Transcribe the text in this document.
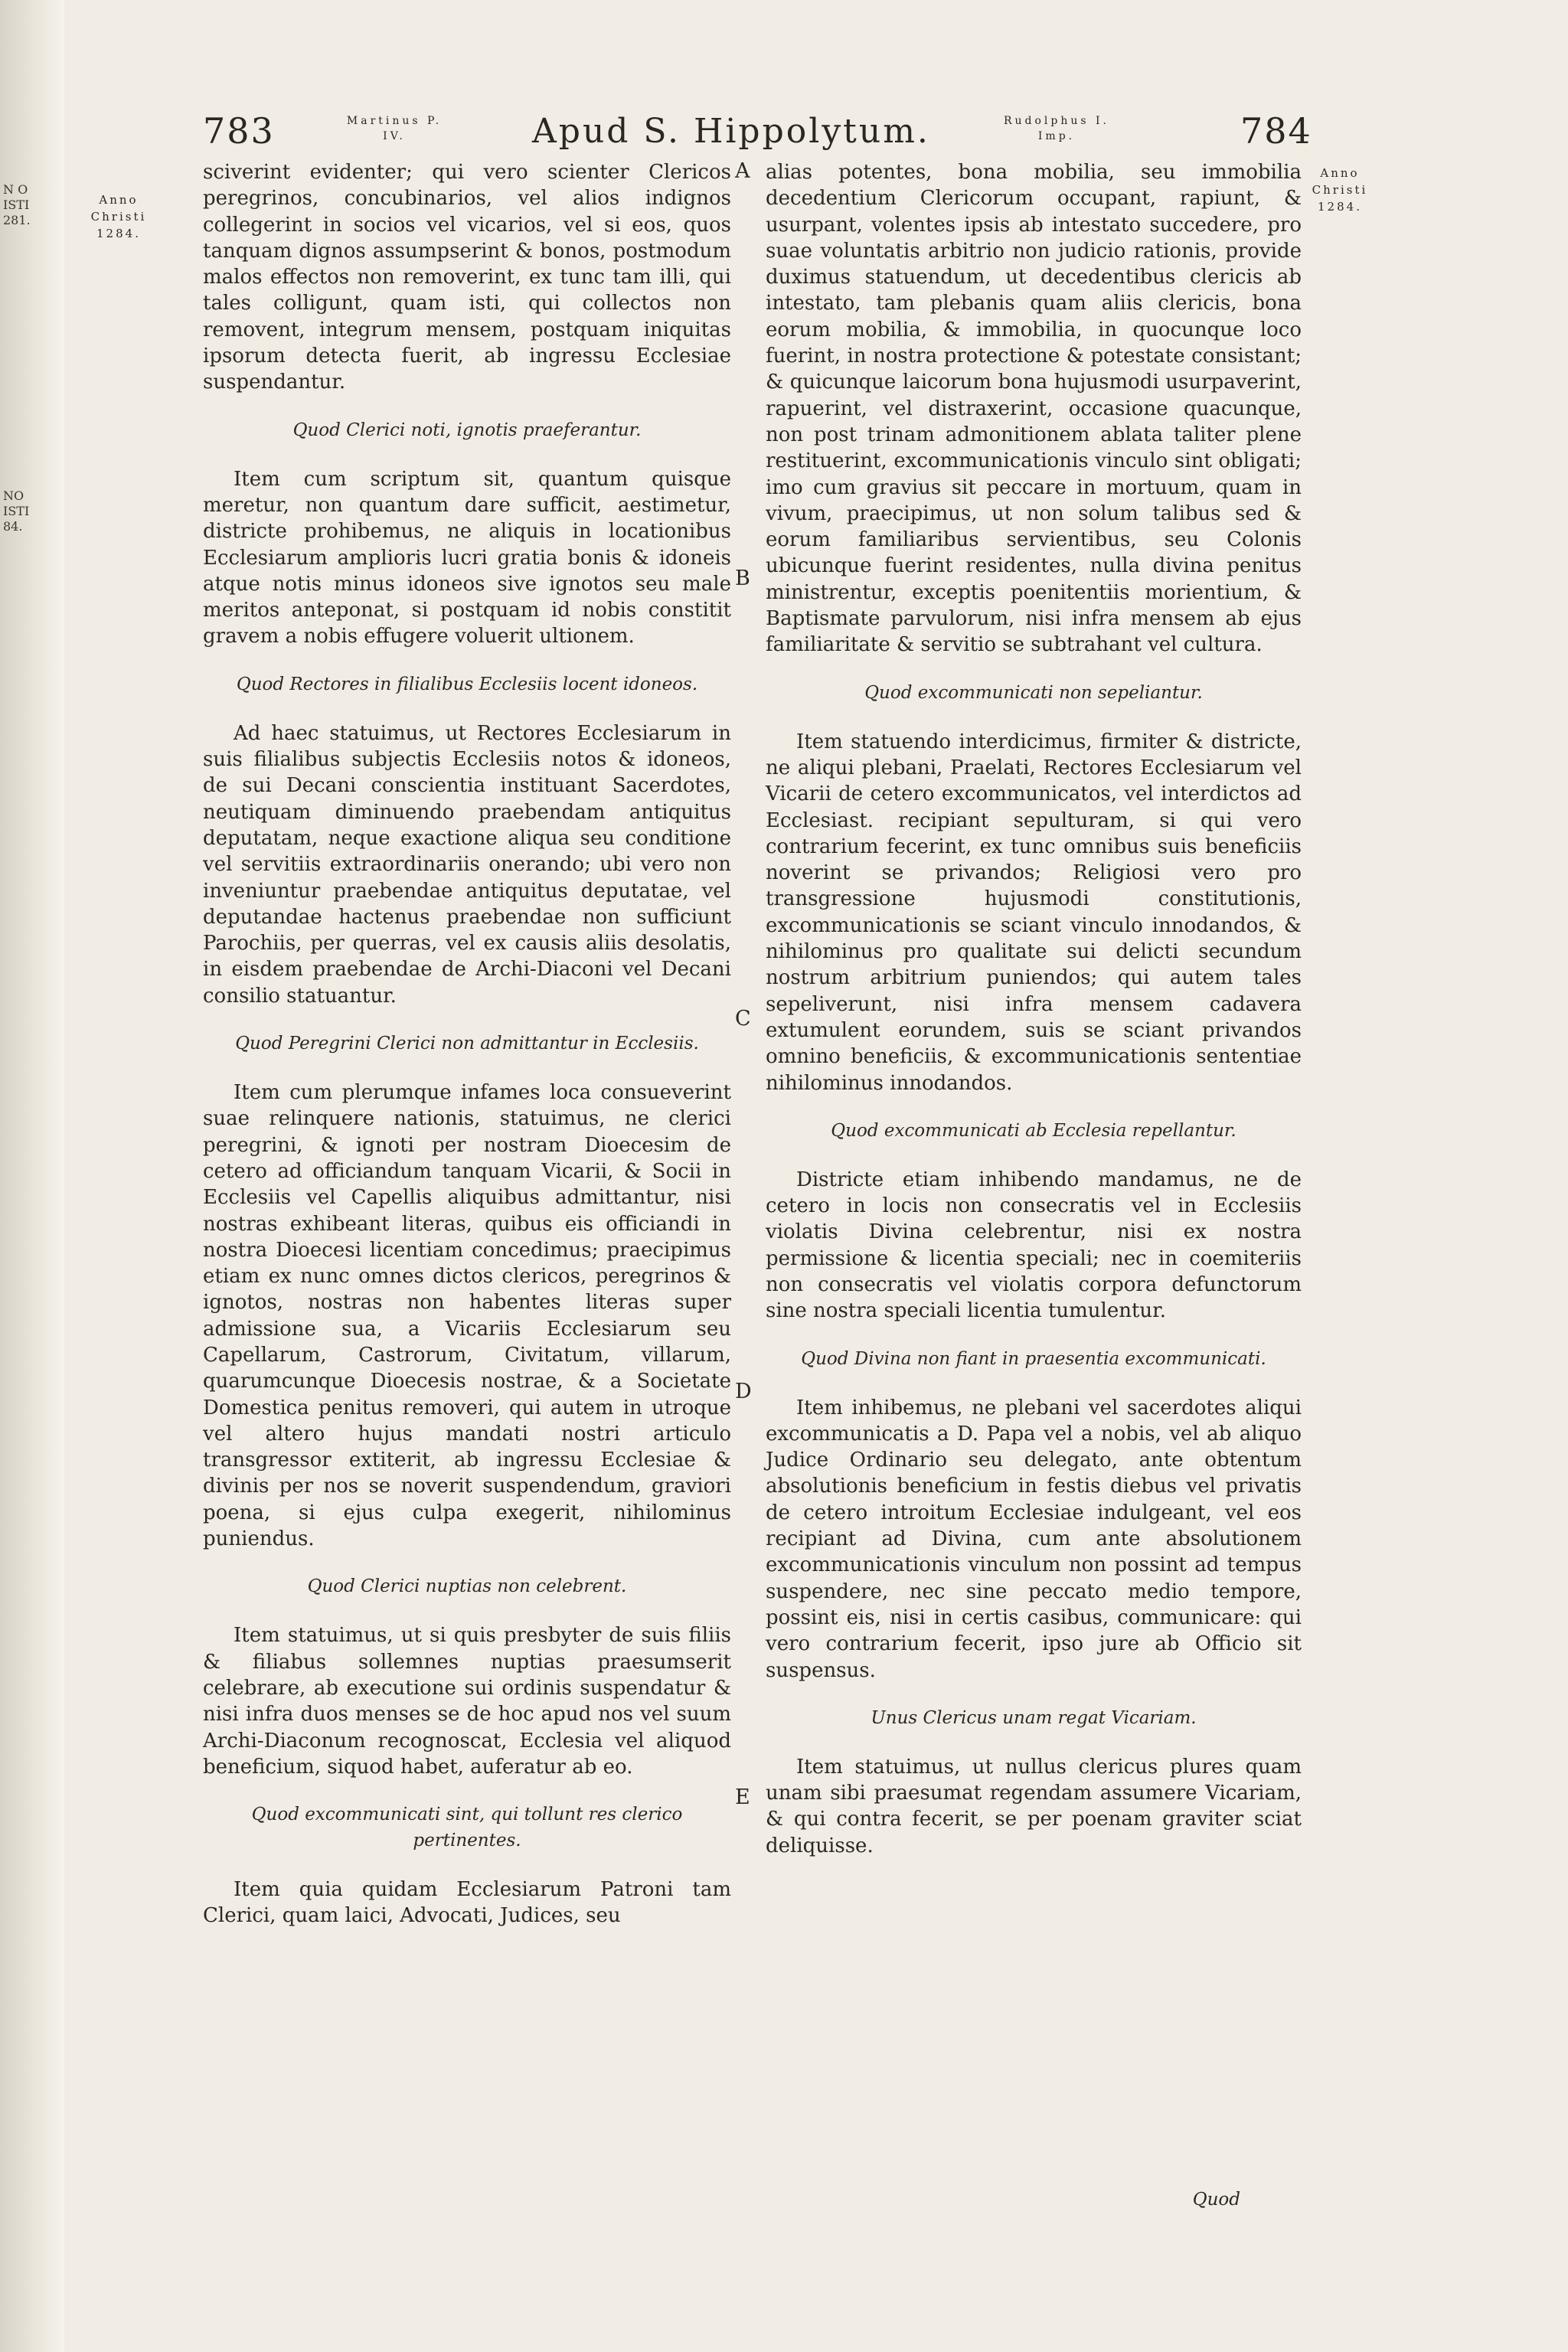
N O
ISTI
281.
NO
ISTI
84.
783	Martinus P. IV.	Apud S. Hippolytum.	Rudolphus I. Imp.	784
Anno Christi 1284.
Anno Christi 1284.
A
B
C
D
E

sciverint evidenter; qui vero scienter Clericos peregrinos, concubinarios, vel alios indignos collegerint in socios vel vicarios, vel si eos, quos tanquam dignos assumpserint & bonos, postmodum malos effectos non removerint, ex tunc tam illi, qui tales colligunt, quam isti, qui collectos non removent, integrum mensem, postquam iniquitas ipsorum detecta fuerit, ab ingressu Ecclesiae suspendantur.

Quod Clerici noti, ignotis praeferantur.

Item cum scriptum sit, quantum quisque meretur, non quantum dare sufficit, aestimetur, districte prohibemus, ne aliquis in locationibus Ecclesiarum amplioris lucri gratia bonis & idoneis atque notis minus idoneos sive ignotos seu male meritos anteponat, si postquam id nobis constitit gravem a nobis effugere voluerit ultionem.

Quod Rectores in filialibus Ecclesiis locent idoneos.

Ad haec statuimus, ut Rectores Ecclesiarum in suis filialibus subjectis Ecclesiis notos & idoneos, de sui Decani conscientia instituant Sacerdotes, neutiquam diminuendo praebendam antiquitus deputatam, neque exactione aliqua seu conditione vel servitiis extraordinariis onerando; ubi vero non inveniuntur praebendae antiquitus deputatae, vel deputandae hactenus praebendae non sufficiunt Parochiis, per querras, vel ex causis aliis desolatis, in eisdem praebendae de Archi-Diaconi vel Decani consilio statuantur.

Quod Peregrini Clerici non admittantur in Ecclesiis.

Item cum plerumque infames loca consueverint suae relinquere nationis, statuimus, ne clerici peregrini, & ignoti per nostram Dioecesim de cetero ad officiandum tanquam Vicarii, & Socii in Ecclesiis vel Capellis aliquibus admittantur, nisi nostras exhibeant literas, quibus eis officiandi in nostra Dioecesi licentiam concedimus; praecipimus etiam ex nunc omnes dictos clericos, peregrinos & ignotos, nostras non habentes literas super admissione sua, a Vicariis Ecclesiarum seu Capellarum, Castrorum, Civitatum, villarum, quarumcunque Dioecesis nostrae, & a Societate Domestica penitus removeri, qui autem in utroque vel altero hujus mandati nostri articulo transgressor extiterit, ab ingressu Ecclesiae & divinis per nos se noverit suspendendum, graviori poena, si ejus culpa exegerit, nihilominus puniendus.

Quod Clerici nuptias non celebrent.

Item statuimus, ut si quis presbyter de suis filiis & filiabus sollemnes nuptias praesumserit celebrare, ab executione sui ordinis suspendatur & nisi infra duos menses se de hoc apud nos vel suum Archi-Diaconum recognoscat, Ecclesia vel aliquod beneficium, siquod habet, auferatur ab eo.

Quod excommunicati sint, qui tollunt res clerico pertinentes.

Item quia quidam Ecclesiarum Patroni tam Clerici, quam laici, Advocati, Judices, seu

alias potentes, bona mobilia, seu immobilia decedentium Clericorum occupant, rapiunt, & usurpant, volentes ipsis ab intestato succedere, pro suae voluntatis arbitrio non judicio rationis, provide duximus statuendum, ut decedentibus clericis ab intestato, tam plebanis quam aliis clericis, bona eorum mobilia, & immobilia, in quocunque loco fuerint, in nostra protectione & potestate consistant; & quicunque laicorum bona hujusmodi usurpaverint, rapuerint, vel distraxerint, occasione quacunque, non post trinam admonitionem ablata taliter plene restituerint, excommunicationis vinculo sint obligati; imo cum gravius sit peccare in mortuum, quam in vivum, praecipimus, ut non solum talibus sed & eorum familiaribus servientibus, seu Colonis ubicunque fuerint residentes, nulla divina penitus ministrentur, exceptis poenitentiis morientium, & Baptismate parvulorum, nisi infra mensem ab ejus familiaritate & servitio se subtrahant vel cultura.

Quod excommunicati non sepeliantur.

Item statuendo interdicimus, firmiter & districte, ne aliqui plebani, Praelati, Rectores Ecclesiarum vel Vicarii de cetero excommunicatos, vel interdictos ad Ecclesiast. recipiant sepulturam, si qui vero contrarium fecerint, ex tunc omnibus suis beneficiis noverint se privandos; Religiosi vero pro transgressione hujusmodi constitutionis, excommunicationis se sciant vinculo innodandos, & nihilominus pro qualitate sui delicti secundum nostrum arbitrium puniendos; qui autem tales sepeliverunt, nisi infra mensem cadavera extumulent eorundem, suis se sciant privandos omnino beneficiis, & excommunicationis sententiae nihilominus innodandos.

Quod excommunicati ab Ecclesia repellantur.

Districte etiam inhibendo mandamus, ne de cetero in locis non consecratis vel in Ecclesiis violatis Divina celebrentur, nisi ex nostra permissione & licentia speciali; nec in coemiteriis non consecratis vel violatis corpora defunctorum sine nostra speciali licentia tumulentur.

Quod Divina non fiant in praesentia excommunicati.

Item inhibemus, ne plebani vel sacerdotes aliqui excommunicatis a D. Papa vel a nobis, vel ab aliquo Judice Ordinario seu delegato, ante obtentum absolutionis beneficium in festis diebus vel privatis de cetero introitum Ecclesiae indulgeant, vel eos recipiant ad Divina, cum ante absolutionem excommunicationis vinculum non possint ad tempus suspendere, nec sine peccato medio tempore, possint eis, nisi in certis casibus, communicare: qui vero contrarium fecerit, ipso jure ab Officio sit suspensus.

Unus Clericus unam regat Vicariam.

Item statuimus, ut nullus clericus plures quam unam sibi praesumat regendam assumere Vicariam, & qui contra fecerit, se per poenam graviter sciat deliquisse.

Quod
